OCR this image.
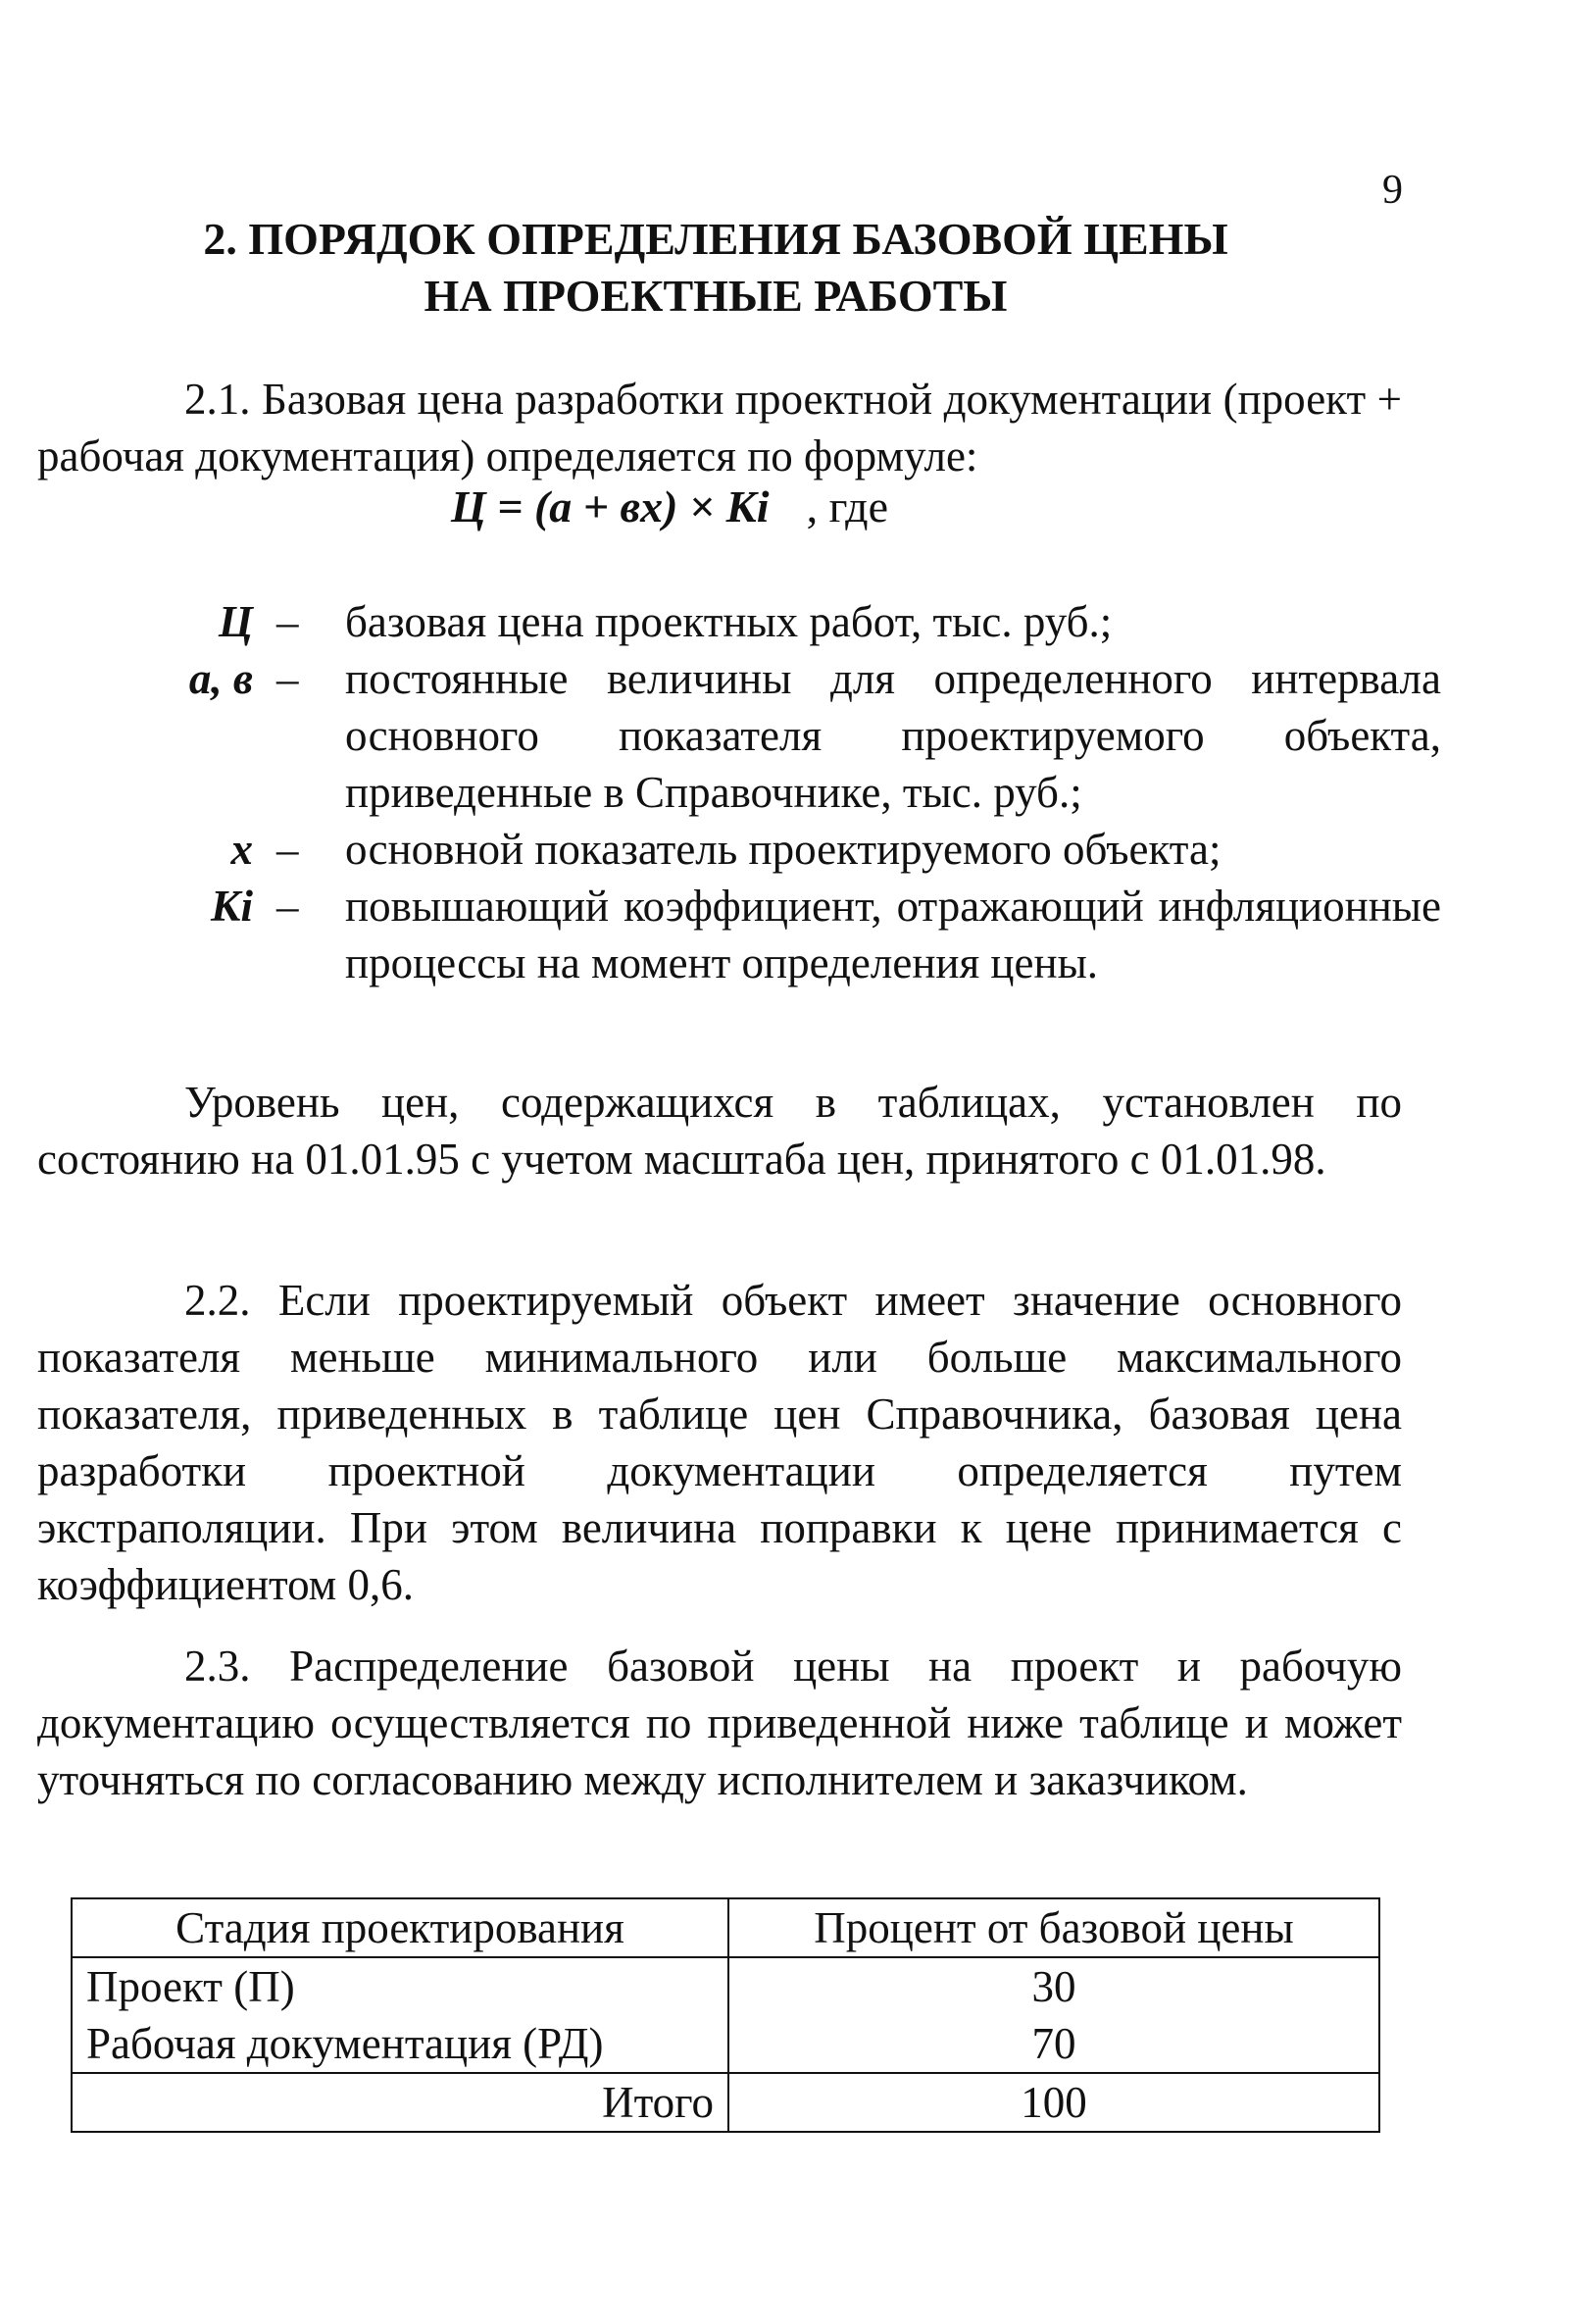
9
2. ПОРЯДОК ОПРЕДЕЛЕНИЯ БАЗОВОЙ ЦЕНЫ
НА ПРОЕКТНЫЕ РАБОТЫ
2.1. Базовая цена разработки проектной документации (проект + рабочая документация) определяется по формуле:
Ц = (а + вх) × Кi , где
Ц – базовая цена проектных работ, тыс. руб.;
а, в – постоянные величины для определенного интервала основного показателя проектируемого объекта, приведенные в Справочнике, тыс. руб.;
х – основной показатель проектируемого объекта;
Кi – повышающий коэффициент, отражающий инфляционные процессы на момент определения цены.
Уровень цен, содержащихся в таблицах, установлен по состоянию на 01.01.95 с учетом масштаба цен, принятого с 01.01.98.
2.2. Если проектируемый объект имеет значение основного показателя меньше минимального или больше максимального показателя, приведенных в таблице цен Справочника, базовая цена разработки проектной документации определяется путем экстраполяции. При этом величина поправки к цене принимается с коэффициентом 0,6.
2.3. Распределение базовой цены на проект и рабочую документацию осуществляется по приведенной ниже таблице и может уточняться по согласованию между исполнителем и заказчиком.
Стадия проектирования	Процент от базовой цены
Проект (П)	30
Рабочая документация (РД)	70
Итого	100
